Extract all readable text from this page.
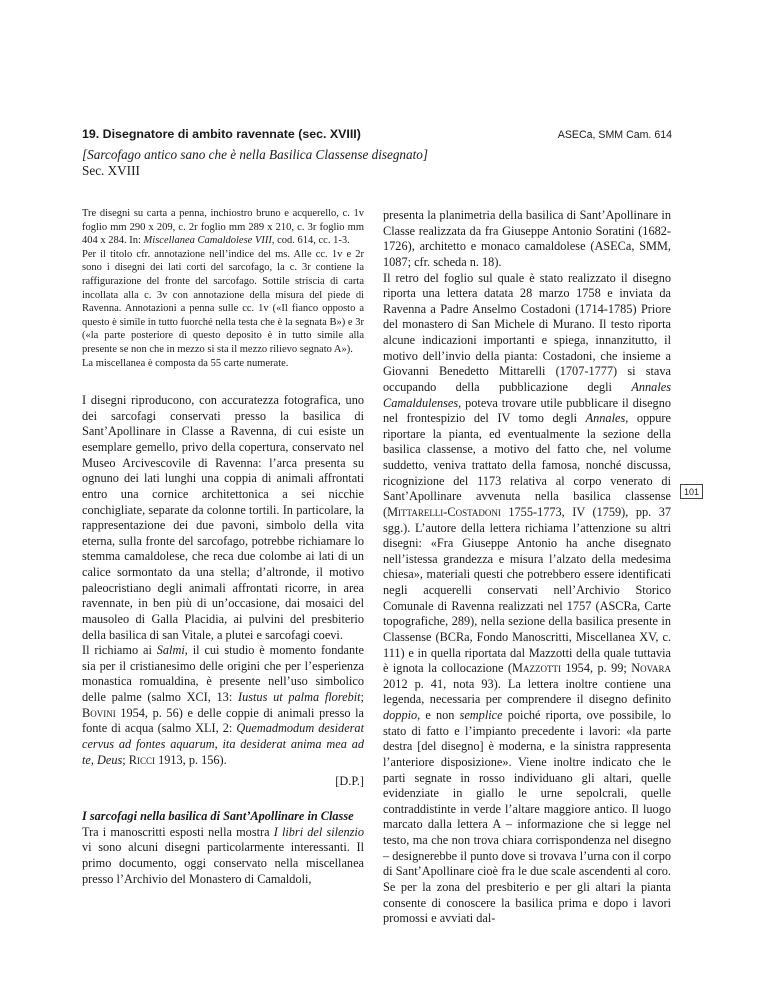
19. Disegnatore di ambito ravennate (sec. XVIII)	ASECa, SMM Cam. 614
[Sarcofago antico sano che è nella Basilica Classense disegnato]
Sec. XVIII

Tre disegni su carta a penna, inchiostro bruno e acquerello, c. 1v foglio mm 290 x 209, c. 2r foglio mm 289 x 210, c. 3r foglio mm 404 x 284. In: Miscellanea Camaldolese VIII, cod. 614, cc. 1-3.

Per il titolo cfr. annotazione nell’indice del ms. Alle cc. 1v e 2r sono i disegni dei lati corti del sarcofago, la c. 3r contiene la raffigurazione del fronte del sarcofago. Sottile striscia di carta incollata alla c. 3v con annotazione della misura del piede di Ravenna. Annotazioni a penna sulle cc. 1v («Il fianco opposto a questo è simile in tutto fuorché nella testa che è la segnata B») e 3r («la parte posteriore di questo deposito è in tutto simile alla presente se non che in mezzo si sta il mezzo rilievo segnato A»).

La miscellanea è composta da 55 carte numerate.

I disegni riproducono, con accuratezza fotografica, uno dei sarcofagi conservati presso la basilica di Sant’Apollinare in Classe a Ravenna, di cui esiste un esemplare gemello, privo della copertura, conservato nel Museo Arcivescovile di Ravenna: l’arca presenta su ognuno dei lati lunghi una coppia di animali affrontati entro una cornice architettonica a sei nicchie conchigliate, separate da colonne tortili. In particolare, la rappresentazione dei due pavoni, simbolo della vita eterna, sulla fronte del sarcofago, potrebbe richiamare lo stemma camaldolese, che reca due colombe ai lati di un calice sormontato da una stella; d’altronde, il motivo paleocristiano degli animali affrontati ricorre, in area ravennate, in ben più di un’occasione, dai mosaici del mausoleo di Galla Placidia, ai pulvini del presbiterio della basilica di san Vitale, a plutei e sarcofagi coevi.

Il richiamo ai Salmi, il cui studio è momento fondante sia per il cristianesimo delle origini che per l’esperienza monastica romualdina, è presente nell’uso simbolico delle palme (salmo XCI, 13: Iustus ut palma florebit; Bovini 1954, p. 56) e delle coppie di animali presso la fonte di acqua (salmo XLI, 2: Quemadmodum desiderat cervus ad fontes aquarum, ita desiderat anima mea ad te, Deus; Ricci 1913, p. 156).

[D.P.]
I sarcofagi nella basilica di Sant’Apollinare in Classe

Tra i manoscritti esposti nella mostra I libri del silenzio vi sono alcuni disegni particolarmente interessanti. Il primo documento, oggi conservato nella miscellanea presso l’Archivio del Monastero di Camaldoli,

presenta la planimetria della basilica di Sant’Apollinare in Classe realizzata da fra Giuseppe Antonio Soratini (1682-1726), architetto e monaco camaldolese (ASECa, SMM, 1087; cfr. scheda n. 18).

Il retro del foglio sul quale è stato realizzato il disegno riporta una lettera datata 28 marzo 1758 e inviata da Ravenna a Padre Anselmo Costadoni (1714-1785) Priore del monastero di San Michele di Murano. Il testo riporta alcune indicazioni importanti e spiega, innanzitutto, il motivo dell’invio della pianta: Costadoni, che insieme a Giovanni Benedetto Mittarelli (1707-1777) si stava occupando della pubblicazione degli Annales Camaldulenses, poteva trovare utile pubblicare il disegno nel frontespizio del IV tomo degli Annales, oppure riportare la pianta, ed eventualmente la sezione della basilica classense, a motivo del fatto che, nel volume suddetto, veniva trattato della famosa, nonché discussa, ricognizione del 1173 relativa al corpo venerato di Sant’Apollinare avvenuta nella basilica classense (Mittarelli-Costadoni 1755-1773, IV (1759), pp. 37 sgg.). L’autore della lettera richiama l’attenzione su altri disegni: «Fra Giuseppe Antonio ha anche disegnato nell’istessa grandezza e misura l’alzato della medesima chiesa», materiali questi che potrebbero essere identificati negli acquerelli conservati nell’Archivio Storico Comunale di Ravenna realizzati nel 1757 (ASCRa, Carte topografiche, 289), nella sezione della basilica presente in Classense (BCRa, Fondo Manoscritti, Miscellanea XV, c. 111) e in quella riportata dal Mazzotti della quale tuttavia è ignota la collocazione (Mazzotti 1954, p. 99; Novara 2012 p. 41, nota 93). La lettera inoltre contiene una legenda, necessaria per comprendere il disegno definito doppio, e non semplice poiché riporta, ove possibile, lo stato di fatto e l’impianto precedente i lavori: «la parte destra [del disegno] è moderna, e la sinistra rappresenta l’anteriore disposizione». Viene inoltre indicato che le parti segnate in rosso individuano gli altari, quelle evidenziate in giallo le urne sepolcrali, quelle contraddistinte in verde l’altare maggiore antico. Il luogo marcato dalla lettera A – informazione che si legge nel testo, ma che non trova chiara corrispondenza nel disegno – designerebbe il punto dove si trovava l’urna con il corpo di Sant’Apollinare cioè fra le due scale ascendenti al coro. Se per la zona del presbiterio e per gli altari la pianta consente di conoscere la basilica prima e dopo i lavori promossi e avviati dal-

101
